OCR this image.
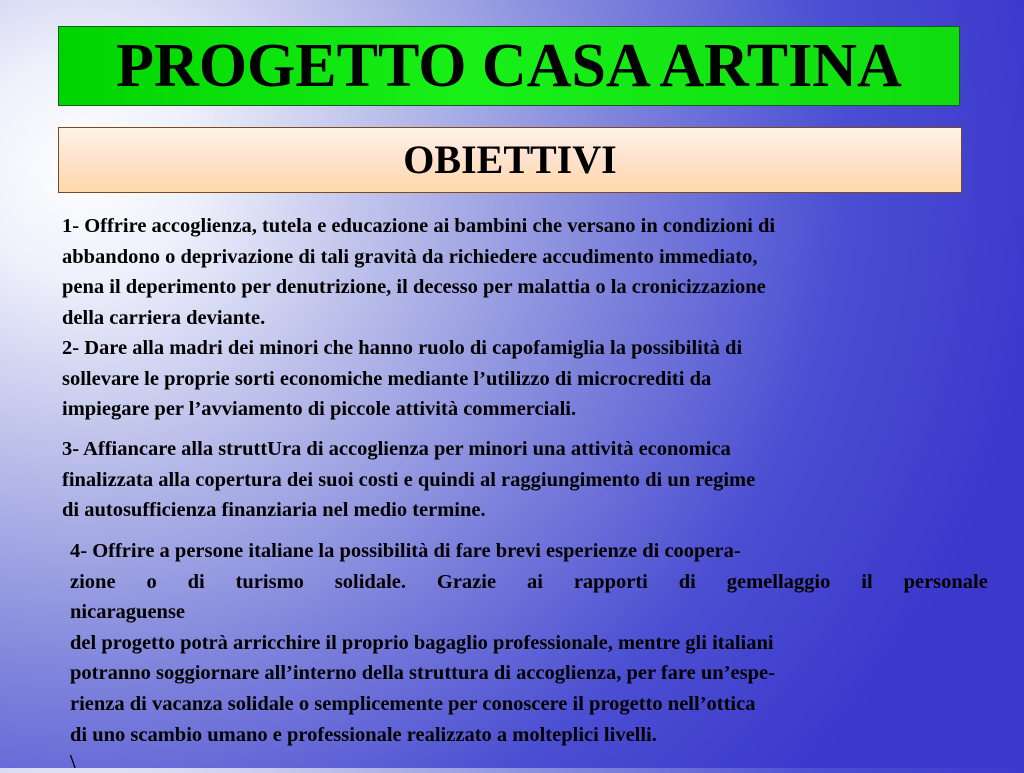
PROGETTO CASA ARTINA
OBIETTIVI
1- Offrire accoglienza, tutela e educazione ai bambini che versano in condizioni di
abbandono o deprivazione di tali gravità da richiedere accudimento immediato,
pena il deperimento per denutrizione, il decesso per malattia o la cronicizzazione
della carriera deviante.
2- Dare alla madri dei minori che hanno ruolo di capofamiglia la possibilità di
sollevare le proprie sorti economiche mediante l’utilizzo di microcrediti da
impiegare per l’avviamento di piccole attività commerciali.
3- Affiancare alla struttUra di accoglienza per minori una attività economica
finalizzata alla copertura dei suoi costi e quindi al raggiungimento di un regime
di autosufficienza finanziaria nel medio termine.
4- Offrire a persone italiane la possibilità di fare brevi esperienze di coopera-
zione o di turismo solidale. Grazie ai rapporti di gemellaggio il personale
nicaraguense
del progetto potrà arricchire il proprio bagaglio professionale, mentre gli italiani
potranno soggiornare all’interno della struttura di accoglienza, per fare un’espe-
rienza di vacanza solidale o semplicemente per conoscere il progetto nell’ottica
di uno scambio umano e professionale realizzato a molteplici livelli.
\
